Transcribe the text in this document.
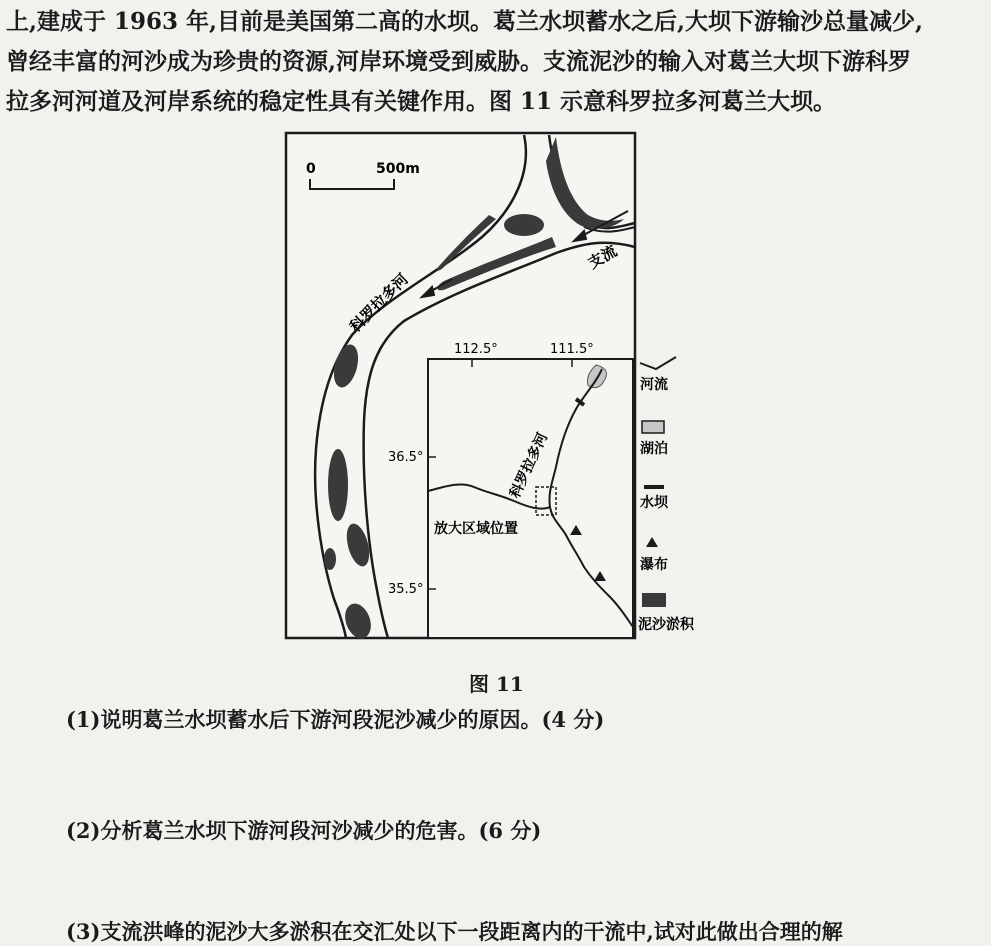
上,建成于 1963 年,目前是美国第二高的水坝。葛兰水坝蓄水之后,大坝下游输沙总量减少,
曾经丰富的河沙成为珍贵的资源,河岸环境受到威胁。支流泥沙的输入对葛兰大坝下游科罗
拉多河河道及河岸系统的稳定性具有关键作用。图 11 示意科罗拉多河葛兰大坝。
0	500m
科罗拉多河
支流
112.5°	111.5°
36.5°
35.5°
科罗拉多河
放大区域位置
河流
湖泊
水坝
瀑布
泥沙淤积
图 11
(1)说明葛兰水坝蓄水后下游河段泥沙减少的原因。(4 分)
(2)分析葛兰水坝下游河段河沙减少的危害。(6 分)
(3)支流洪峰的泥沙大多淤积在交汇处以下一段距离内的干流中,试对此做出合理的解
